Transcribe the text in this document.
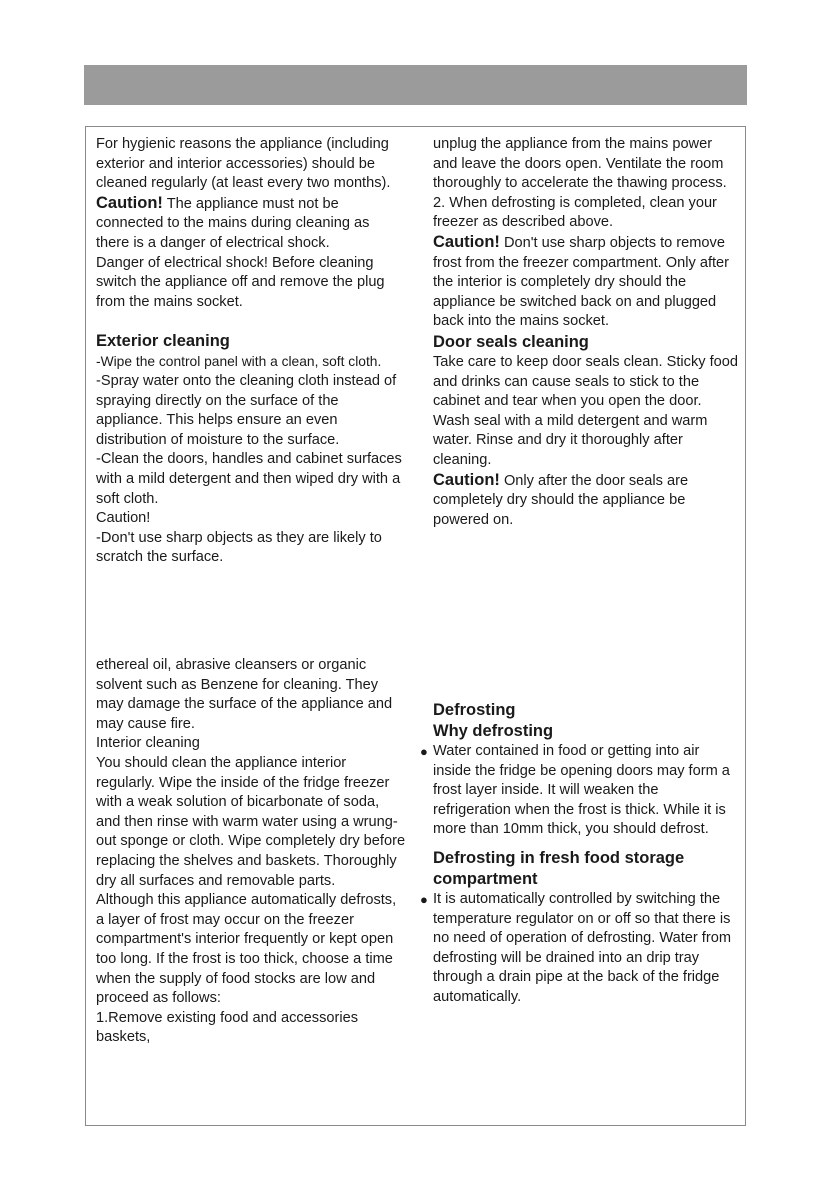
For hygienic reasons the appliance (including exterior and interior accessories) should be cleaned regularly (at least every two months).

Caution! The appliance must not be connected to the mains during cleaning as there is a danger of electrical shock.

Danger of electrical shock! Before cleaning switch the appliance off and remove the plug from the mains socket.

Exterior cleaning

-Wipe the control panel with a clean, soft cloth.

-Spray water onto the cleaning cloth instead of spraying directly on the surface of the appliance. This helps ensure an even distribution of moisture to the surface.

-Clean the doors, handles and cabinet surfaces with a mild detergent and then wiped dry with a soft cloth.

Caution!

-Don't use sharp objects as they are likely to scratch the surface.

ethereal oil, abrasive cleansers or organic solvent such as Benzene for cleaning. They may damage the surface of the appliance and may cause fire.

Interior cleaning

You should clean the appliance interior regularly. Wipe the inside of the fridge freezer with a weak solution of bicarbonate of soda, and then rinse with warm water using a wrung-out sponge or cloth. Wipe completely dry before replacing the shelves and baskets. Thoroughly dry all surfaces and removable parts.

Although this appliance automatically defrosts, a layer of frost may occur on the freezer compartment's interior frequently or kept open too long. If the frost is too thick, choose a time when the supply of food stocks are low and proceed as follows:

1.Remove existing food and accessories baskets,

unplug the appliance from the mains power and leave the doors open. Ventilate the room thoroughly to accelerate the thawing process.

2. When defrosting is completed, clean your freezer as described above.

Caution! Don't use sharp objects to remove frost from the freezer compartment. Only after the interior is completely dry should the appliance be switched back on and plugged back into the mains socket.

Door seals cleaning

Take care to keep door seals clean. Sticky food and drinks can cause seals to stick to the cabinet and tear when you open the door. Wash seal with a mild detergent and warm water. Rinse and dry it thoroughly after cleaning.

Caution! Only after the door seals are completely dry should the appliance be powered on.

Defrosting

Why defrosting

● Water contained in food or getting into air inside the fridge be opening doors may form a frost layer inside. It will weaken the refrigeration when the frost is thick. While it is more than 10mm thick, you should defrost.

Defrosting in fresh food storage compartment

● It is automatically controlled by switching the temperature regulator on or off so that there is no need of operation of defrosting. Water from defrosting will be drained into an drip tray through a drain pipe at the back of the fridge automatically.
